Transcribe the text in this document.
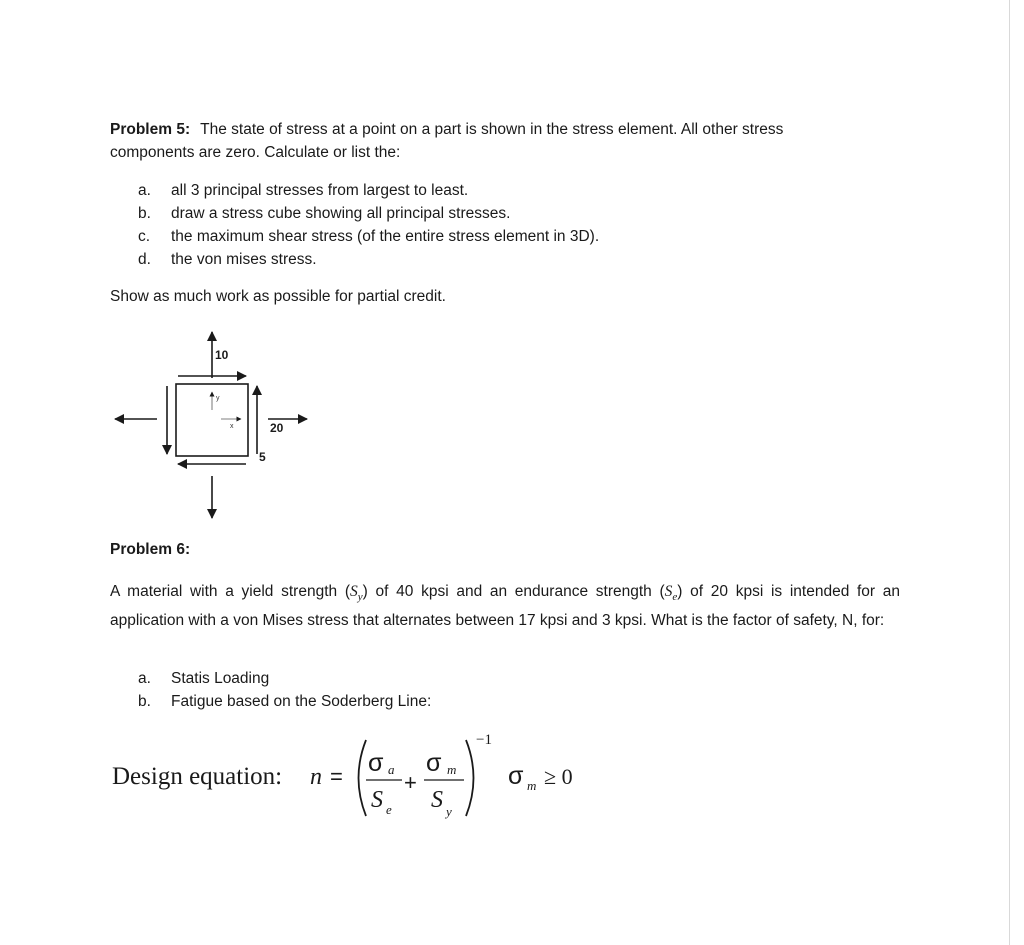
Problem 5: The state of stress at a point on a part is shown in the stress element. All other stress
components are zero. Calculate or list the:
a. all 3 principal stresses from largest to least.
b. draw a stress cube showing all principal stresses.
c. the maximum shear stress (of the entire stress element in 3D).
d. the von mises stress.
Show as much work as possible for partial credit.
y
x
10
20
5
Problem 6:
A material with a yield strength $(S_y)$ of 40 kpsi and an endurance strength $(S_e)$ of 20 kpsi is intended for an application with a von Mises stress that alternates between 17 kpsi and 3 kpsi. What is the factor of safety, N, for:
a. Statis Loading
b. Fatigue based on the Soderberg Line:
Design equation: n = σ a
S e
+
σ m
S y
−1
σ m ≥ 0
